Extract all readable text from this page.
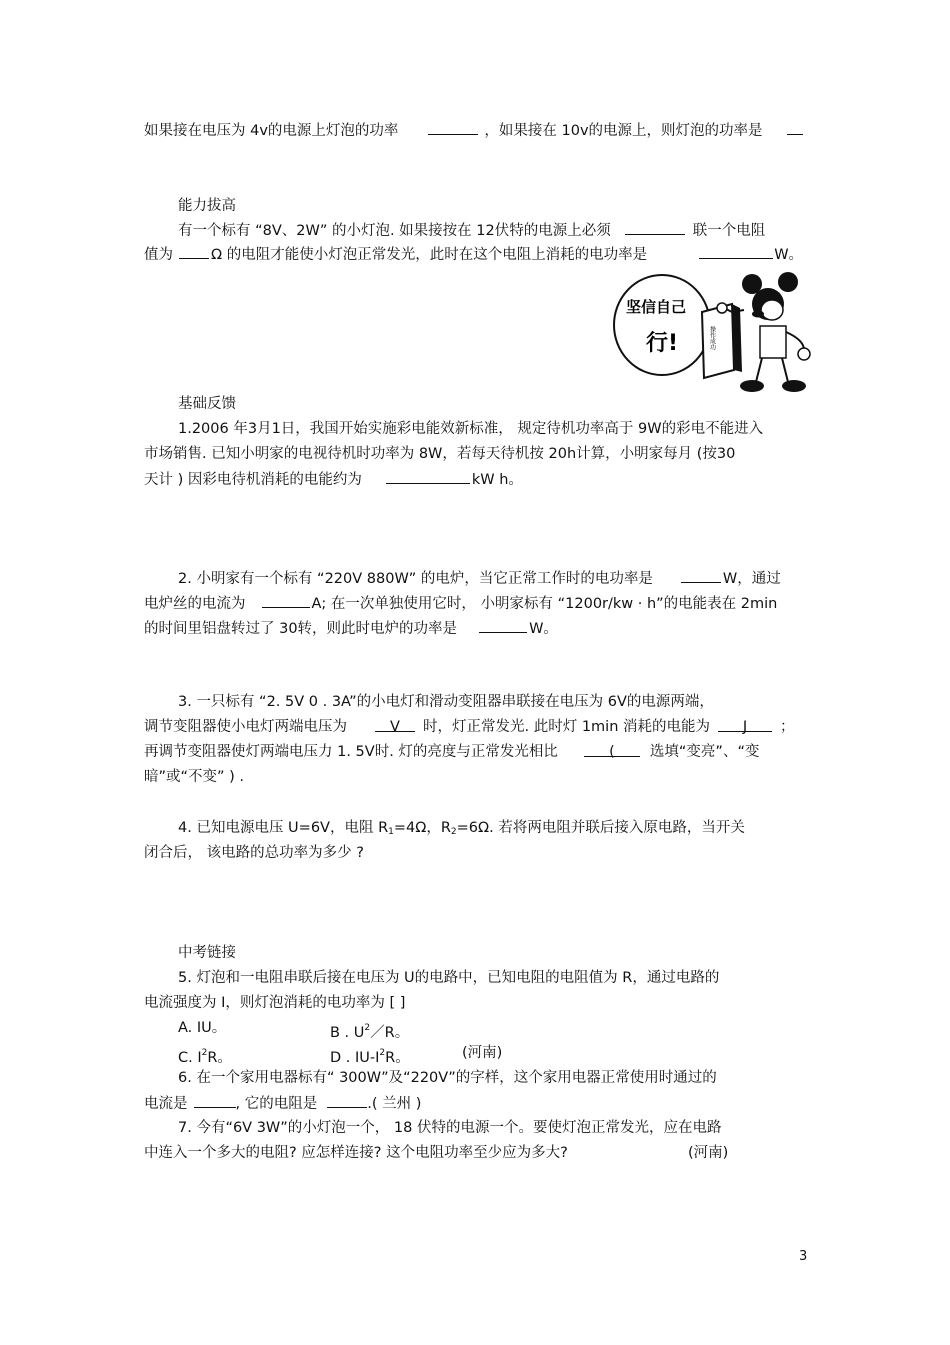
如果接在电压为 4v的电源上灯泡的功率	，如果接在 10v的电源上，则灯泡的功率是
能力拔高
有一个标有 “8V、2W” 的小灯泡. 如果接按在 12伏特的电源上必须	联一个电阻
值为	Ω 的电阻才能使小灯泡正常发光，此时在这个电阻上消耗的电功率是	W。
坚信自己
行!	操作成功
基础反馈
1.2006 年3月1日，我国开始实施彩电能效新标准， 规定待机功率高于 9W的彩电不能进入
市场销售. 已知小明家的电视待机时功率为 8W，若每天待机按 20h计算，小明家每月 (按30
天计 ) 因彩电待机消耗的电能约为	kW h。
2. 小明家有一个标有 “220V 880W” 的电炉，当它正常工作时的电功率是	W，通过
电炉丝的电流为	A; 在一次单独使用它时， 小明家标有 “1200r/kw · h”的电能表在 2min
的时间里铝盘转过了 30转，则此时电炉的功率是	W。
3. 一只标有 “2. 5V 0 . 3A”的小电灯和滑动变阻器串联接在电压为 6V的电源两端，
调节变阻器使小电灯两端电压为	V 时，灯正常发光. 此时灯 1min 消耗的电能为 J ；
再调节变阻器使灯两端电压力 1. 5V时. 灯的亮度与正常发光相比	( 选填“变亮”、“变
暗”或“不变” ) .
4. 已知电源电压 U=6V，电阻 $R_1=4\Omega$，$R_2=6\Omega$. 若将两电阻并联后接入原电路，当开关
闭合后， 该电路的总功率为多少 ?
中考链接
5. 灯泡和一电阻串联后接在电压为 U的电路中，已知电阻的电阻值为 R，通过电路的
电流强度为 I，则灯泡消耗的电功率为 [ ]
A. IU。	B . $U^2/R$。
C. $I^2R$。	D . $IU-I^2R$。	(河南)
6. 在一个家用电器标有“ 300W”及“220V”的字样，这个家用电器正常使用时通过的
电流是	, 它的电阻是	.( 兰州 )
7. 今有“6V 3W”的小灯泡一个， 18 伏特的电源一个。要使灯泡正常发光，应在电路
中连入一个多大的电阻? 应怎样连接? 这个电阻功率至少应为多大?	(河南)
3
